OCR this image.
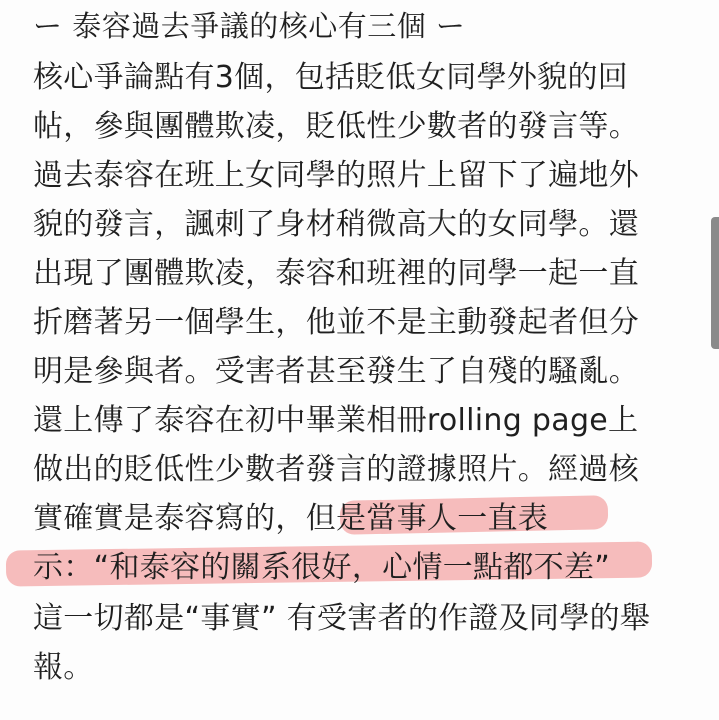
ー 泰容過去爭議的核心有三個 ー
核心爭論點有3個，包括貶低女同學外貌的回
帖，參與團體欺凌，貶低性少數者的發言等。
過去泰容在班上女同學的照片上留下了遍地外
貌的發言，諷刺了身材稍微高大的女同學。還
出現了團體欺凌，泰容和班裡的同學一起一直
折磨著另一個學生，他並不是主動發起者但分
明是參與者。受害者甚至發生了自殘的騷亂。
還上傳了泰容在初中畢業相冊rolling page上
做出的貶低性少數者發言的證據照片。經過核
實確實是泰容寫的，但是當事人一直表
示：“和泰容的關系很好，心情一點都不差”
這一切都是“事實” 有受害者的作證及同學的舉
報。
